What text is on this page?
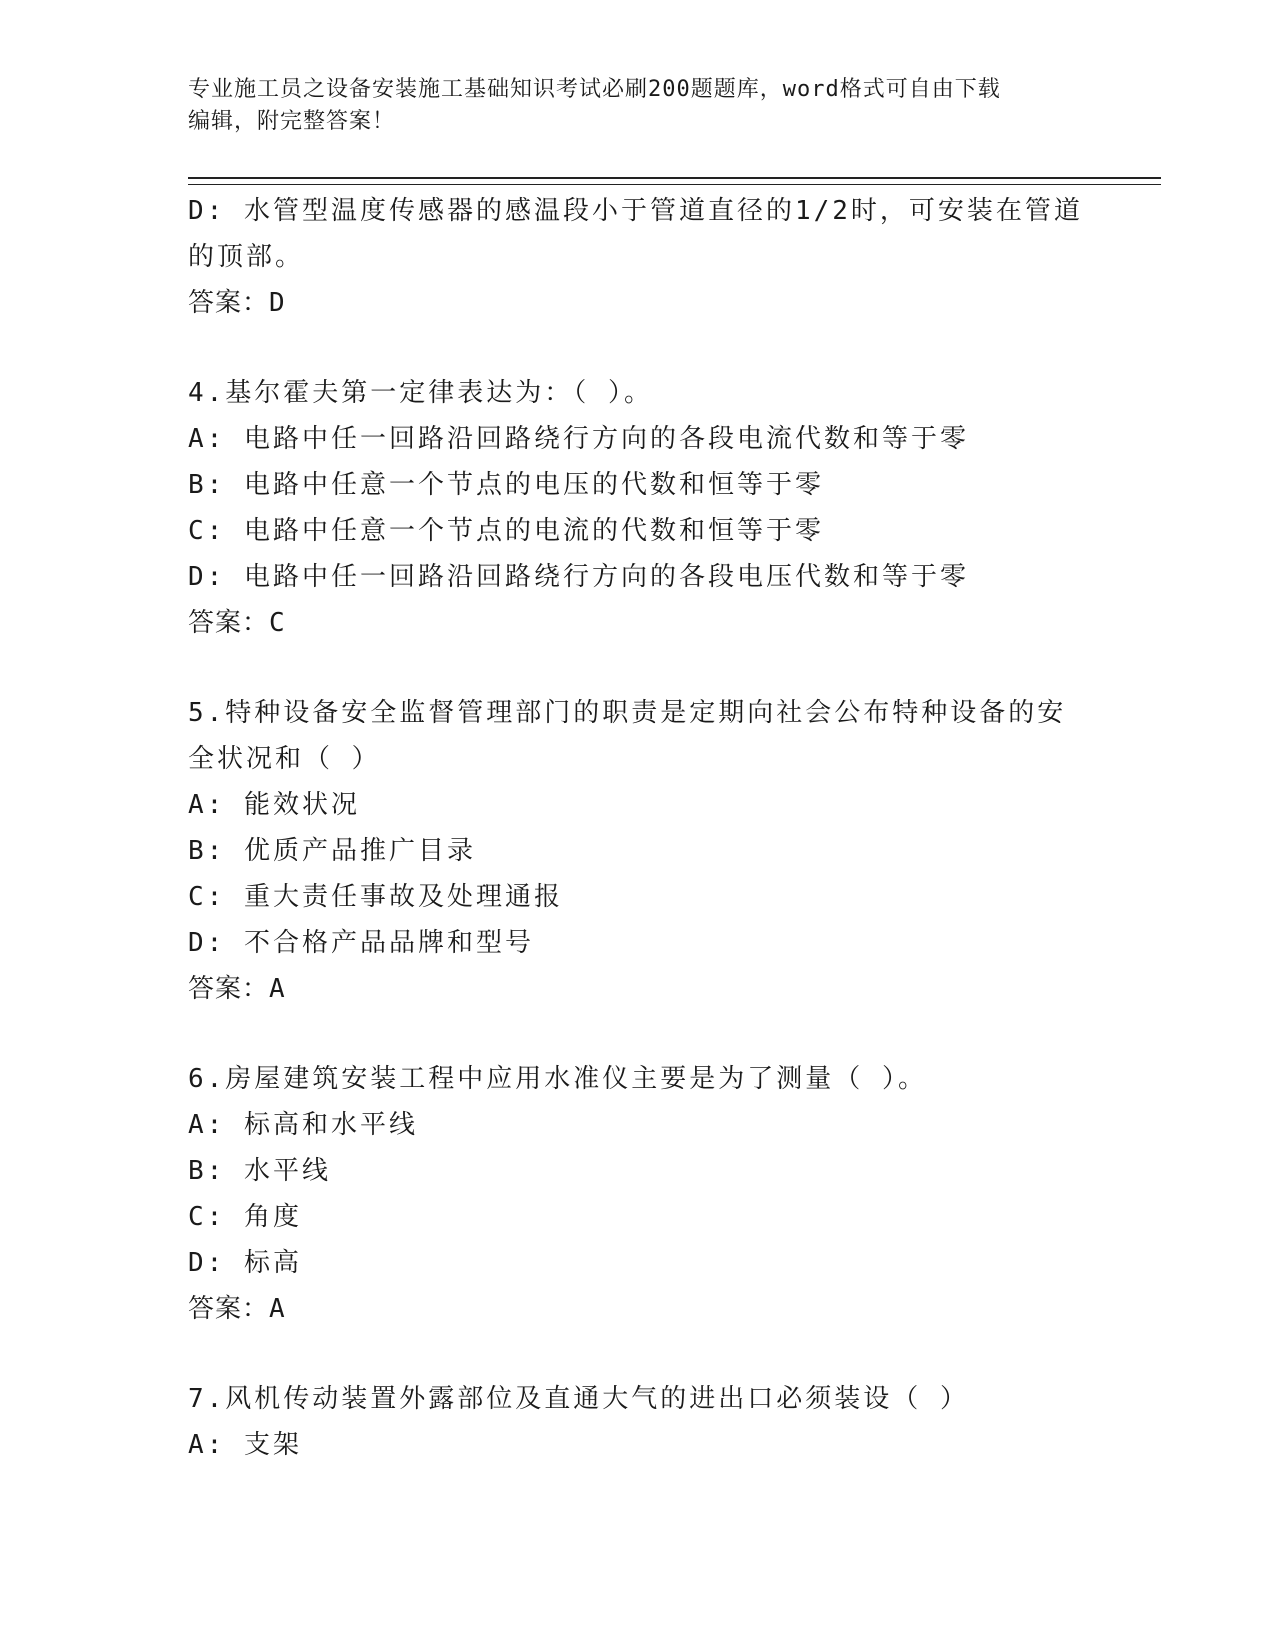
专业施工员之设备安装施工基础知识考试必刷200题题库，word格式可自由下载
编辑，附完整答案！
D: 水管型温度传感器的感温段小于管道直径的1/2时，可安装在管道
的顶部。
答案：D
4.基尔霍夫第一定律表达为：（ ）。
A: 电路中任一回路沿回路绕行方向的各段电流代数和等于零
B: 电路中任意一个节点的电压的代数和恒等于零
C: 电路中任意一个节点的电流的代数和恒等于零
D: 电路中任一回路沿回路绕行方向的各段电压代数和等于零
答案：C
5.特种设备安全监督管理部门的职责是定期向社会公布特种设备的安
全状况和（ ）
A: 能效状况
B: 优质产品推广目录
C: 重大责任事故及处理通报
D: 不合格产品品牌和型号
答案：A
6.房屋建筑安装工程中应用水准仪主要是为了测量（ ）。
A: 标高和水平线
B: 水平线
C: 角度
D: 标高
答案：A
7.风机传动装置外露部位及直通大气的进出口必须装设（ ）
A: 支架
